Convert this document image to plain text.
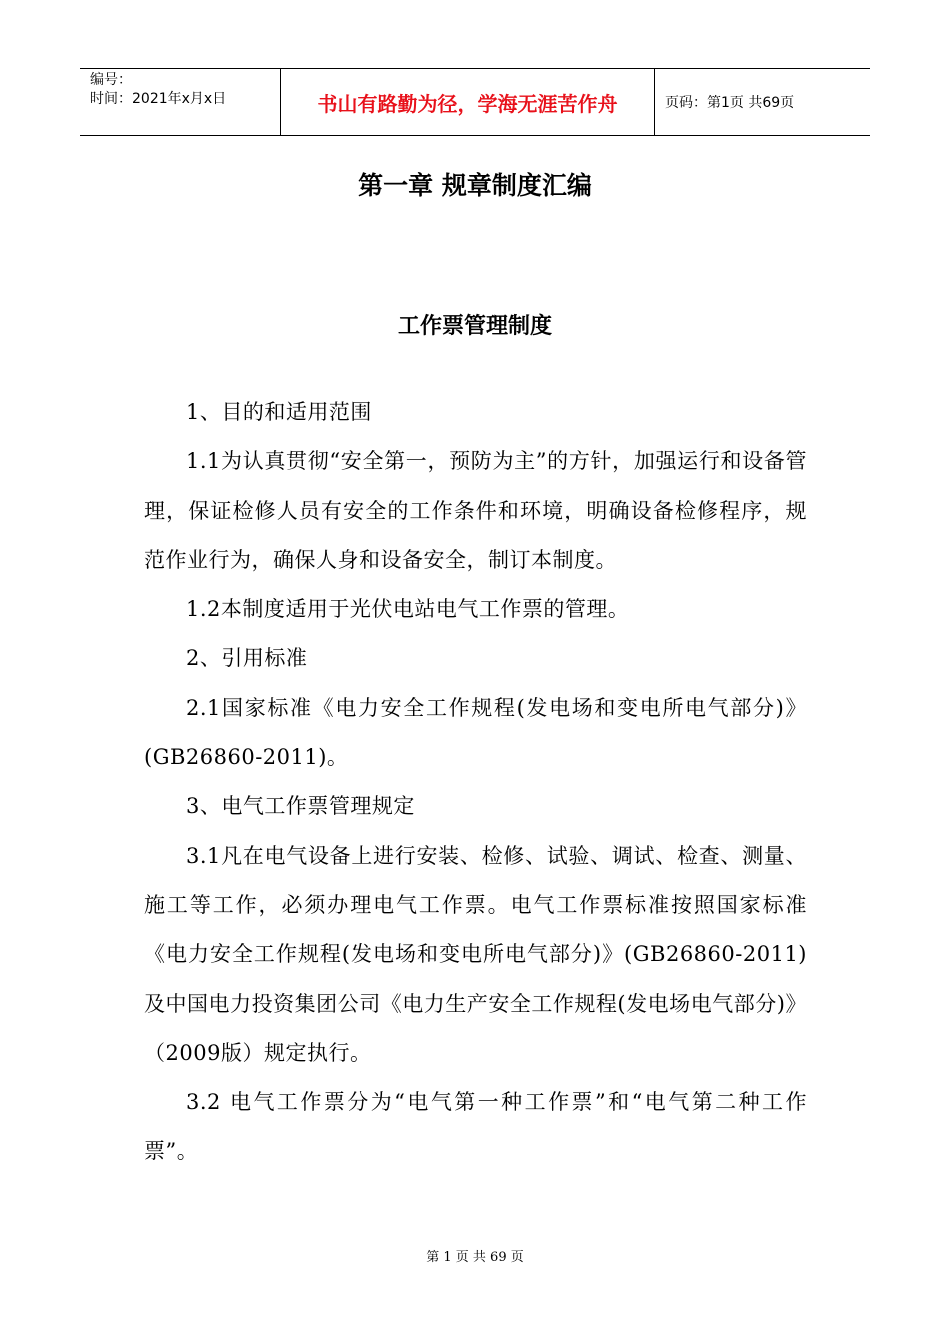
编号：
时间：2021年x月x日	书山有路勤为径，学海无涯苦作舟	页码：第1页 共69页
第一章 规章制度汇编
工作票管理制度

1、目的和适用范围

1.1为认真贯彻“安全第一，预防为主”的方针，加强运行和设备管理，保证检修人员有安全的工作条件和环境，明确设备检修程序，规范作业行为，确保人身和设备安全，制订本制度。

1.2本制度适用于光伏电站电气工作票的管理。

2、引用标准

2.1国家标准《电力安全工作规程(发电场和变电所电气部分)》(GB26860-2011)。

3、电气工作票管理规定

3.1凡在电气设备上进行安装、检修、试验、调试、检查、测量、施工等工作，必须办理电气工作票。电气工作票标准按照国家标准《电力安全工作规程(发电场和变电所电气部分)》(GB26860-2011)及中国电力投资集团公司《电力生产安全工作规程(发电场电气部分)》（2009版）规定执行。

3.2 电气工作票分为“电气第一种工作票”和“电气第二种工作票”。

第 1 页 共 69 页
